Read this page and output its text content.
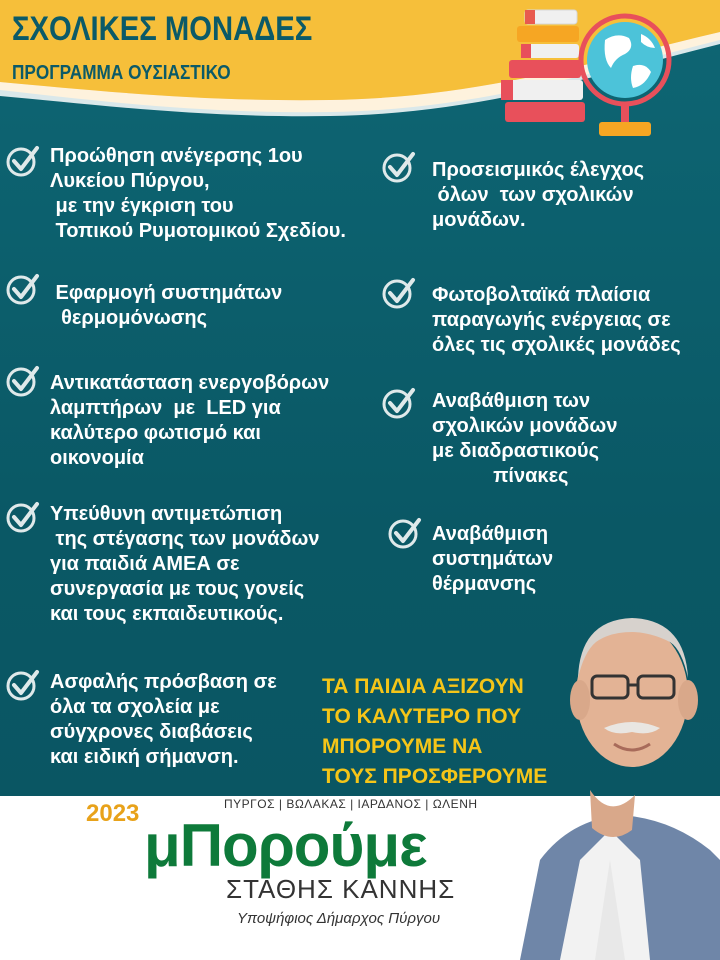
ΣΧΟΛΙΚΕΣ ΜΟΝΑΔΕΣ
ΠΡΟΓΡΑΜΜΑ ΟΥΣΙΑΣΤΙΚΟ
Προώθηση ανέγερσης 1ου
Λυκείου Πύργου,
με την έγκριση του
Τοπικού Ρυμοτομικού Σχεδίου.
Εφαρμογή συστημάτων
θερμομόνωσης
Αντικατάσταση ενεργοβόρων
λαμπτήρων  με  LED για
καλύτερο φωτισμό και
οικονομία
Υπεύθυνη αντιμετώπιση
της στέγασης των μονάδων
για παιδιά ΑΜΕΑ σε
συνεργασία με τους γονείς
και τους εκπαιδευτικούς.
Ασφαλής πρόσβαση σε
όλα τα σχολεία με
σύγχρονες διαβάσεις
και ειδική σήμανση.
Προσεισμικός έλεγχος
όλων  των σχολικών
μονάδων.
Φωτοβολταϊκά πλαίσια
παραγωγής ενέργειας σε
όλες τις σχολικές μονάδες
Αναβάθμιση των
σχολικών μονάδων
με διαδραστικούς
πίνακες
Αναβάθμιση
συστημάτων
θέρμανσης
ΤΑ ΠΑΙΔΙΑ ΑΞΙΖΟΥΝ
ΤΟ ΚΑΛΥΤΕΡΟ ΠΟΥ
ΜΠΟΡΟΥΜΕ ΝΑ
ΤΟΥΣ ΠΡΟΣΦΕΡΟΥΜΕ
2023	ΠΥΡΓΟΣ | ΒΩΛΑΚΑΣ | ΙΑΡΔΑΝΟΣ | ΩΛΕΝΗ
μΠορούμε
ΣΤΑΘΗΣ ΚΑΝΝΗΣ
Υποψήφιος Δήμαρχος Πύργου
